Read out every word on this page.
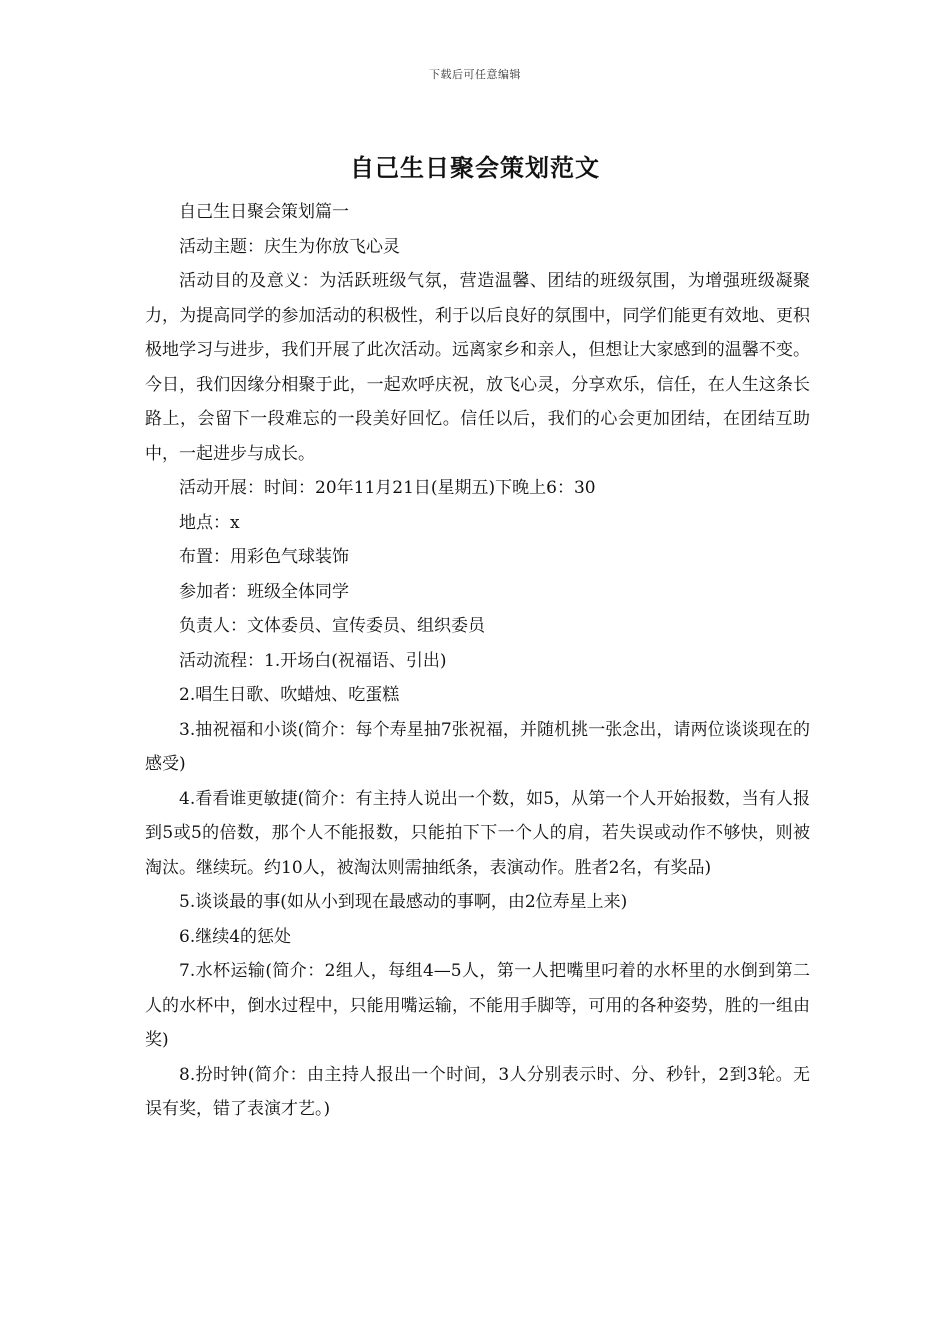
下载后可任意编辑
自己生日聚会策划范文

自己生日聚会策划篇一

活动主题：庆生为你放飞心灵

活动目的及意义：为活跃班级气氛，营造温馨、团结的班级氛围，为增强班级凝聚力，为提高同学的参加活动的积极性，利于以后良好的氛围中，同学们能更有效地、更积极地学习与进步，我们开展了此次活动。远离家乡和亲人，但想让大家感到的温馨不变。今日，我们因缘分相聚于此，一起欢呼庆祝，放飞心灵，分享欢乐，信任，在人生这条长路上，会留下一段难忘的一段美好回忆。信任以后，我们的心会更加团结，在团结互助中，一起进步与成长。

活动开展：时间：20年11月21日(星期五)下晚上6：30

地点：x

布置：用彩色气球装饰

参加者：班级全体同学

负责人：文体委员、宣传委员、组织委员

活动流程：1.开场白(祝福语、引出)

2.唱生日歌、吹蜡烛、吃蛋糕

3.抽祝福和小谈(简介：每个寿星抽7张祝福，并随机挑一张念出，请两位谈谈现在的感受)

4.看看谁更敏捷(简介：有主持人说出一个数，如5，从第一个人开始报数，当有人报到5或5的倍数，那个人不能报数，只能拍下下一个人的肩，若失误或动作不够快，则被淘汰。继续玩。约10人，被淘汰则需抽纸条，表演动作。胜者2名，有奖品)

5.谈谈最的事(如从小到现在最感动的事啊，由2位寿星上来)

6.继续4的惩处

7.水杯运输(简介：2组人，每组4—5人，第一人把嘴里叼着的水杯里的水倒到第二人的水杯中，倒水过程中，只能用嘴运输，不能用手脚等，可用的各种姿势，胜的一组由奖)

8.扮时钟(简介：由主持人报出一个时间，3人分别表示时、分、秒针，2到3轮。无误有奖，错了表演才艺。)
